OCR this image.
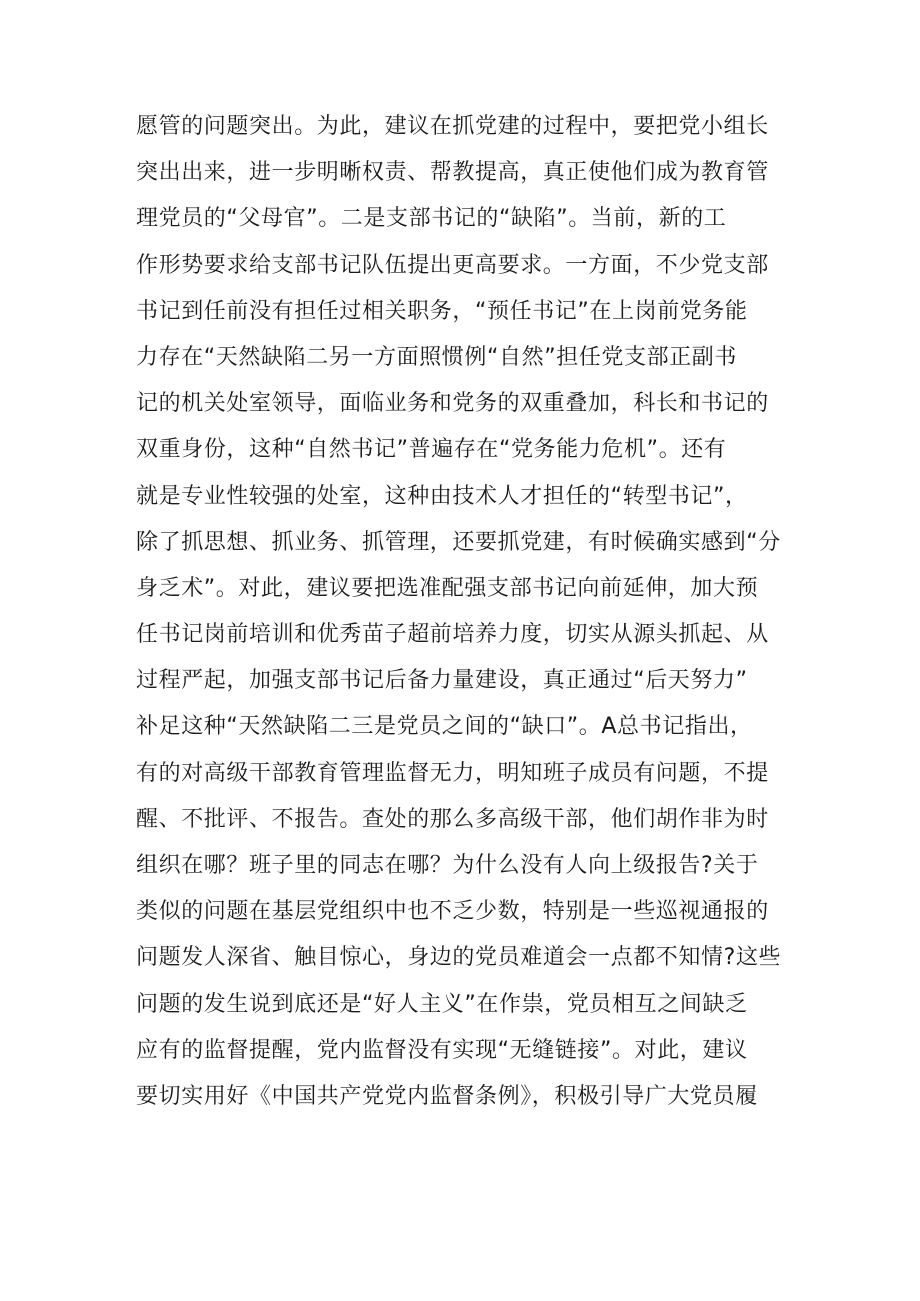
愿管的问题突出。为此，建议在抓党建的过程中，要把党小组长
突出出来，进一步明晰权责、帮教提高，真正使他们成为教育管
理党员的“父母官”。二是支部书记的“缺陷”。当前，新的工
作形势要求给支部书记队伍提出更高要求。一方面，不少党支部
书记到任前没有担任过相关职务，“预任书记”在上岗前党务能
力存在“天然缺陷二另一方面照惯例“自然”担任党支部正副书
记的机关处室领导，面临业务和党务的双重叠加，科长和书记的
双重身份，这种“自然书记”普遍存在“党务能力危机”。还有
就是专业性较强的处室，这种由技术人才担任的“转型书记”，
除了抓思想、抓业务、抓管理，还要抓党建，有时候确实感到“分
身乏术”。对此，建议要把选准配强支部书记向前延伸，加大预
任书记岗前培训和优秀苗子超前培养力度，切实从源头抓起、从
过程严起，加强支部书记后备力量建设，真正通过“后天努力”
补足这种“天然缺陷二三是党员之间的“缺口”。A总书记指出，
有的对高级干部教育管理监督无力，明知班子成员有问题，不提
醒、不批评、不报告。查处的那么多高级干部，他们胡作非为时
组织在哪？班子里的同志在哪？为什么没有人向上级报告?关于
类似的问题在基层党组织中也不乏少数，特别是一些巡视通报的
问题发人深省、触目惊心，身边的党员难道会一点都不知情?这些
问题的发生说到底还是“好人主义”在作祟，党员相互之间缺乏
应有的监督提醒，党内监督没有实现“无缝链接”。对此，建议
要切实用好《中国共产党党内监督条例》，积极引导广大党员履
